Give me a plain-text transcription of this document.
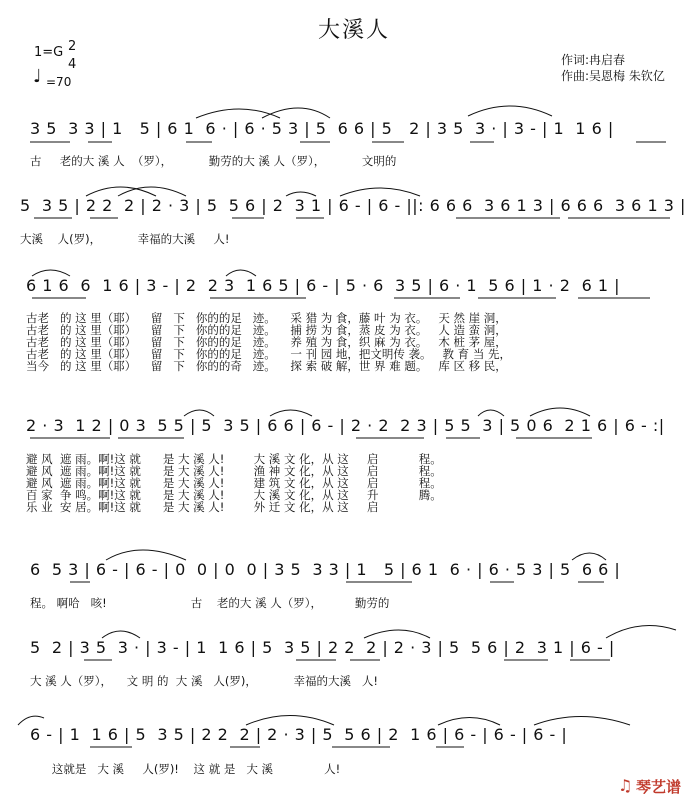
大溪人
1=G 2
4
♩ =70
作词:冉启春
作曲:吴恩梅 朱钦亿
3 5  3 3 | 1   5 | 6 1  6 · | 6 · 5 3 | 5  6 6 | 5   2 | 3 5  3 · | 3 - | 1  1 6 |
古     老的大 溪 人  （罗），          勤劳的大 溪 人（罗），          文明的
5  3 5 | 2 2  2 | 2 · 3 | 5  5 6 | 2  3 1 | 6 - | 6 - ||: 6 6 6  3 6 1 3 | 6 6 6  3 6 1 3 |
大溪    人(罗)，          幸福的大溪     人!
6 1 6  6  1 6 | 3 - | 2  2 3  1 6 5 | 6 - | 5 · 6  3 5 | 6 · 1  5 6 | 1 · 2  6 1 |
古老   的 这 里（耶）    留   下   你的的足   迹。    采 猎 为 食，藤 叶 为 衣。   天 然 崖 洞，
古老   的 这 里（耶）    留   下   你的的足   迹。    捕 捞 为 食，蒸 皮 为 衣。   人 造 蛮 洞，
古老   的 这 里（耶）    留   下   你的的足   迹。    养 殖 为 食，织 麻 为 衣。   木 桩 茅 屋，
古老   的 这 里（耶）    留   下   你的的足   迹。    一 刊 园 地，把文明传 袭。   教 育 当 先，
当今   的 这 里（耶）    留   下   你的的奇   迹。    探 索 破 解，世 界 难 题。   库 区 移 民，
2 · 3  1 2 | 0 3  5 5 | 5  3 5 | 6 6 | 6 - | 2 · 2  2 3 | 5 5  3 | 5 0 6  2 1 6 | 6 - :|
避 风  遮 雨。啊!这 就      是 大 溪 人!        大 溪 文 化，从 这     启           程。
避 风  遮 雨。啊!这 就      是 大 溪 人!        渔 神 文 化，从 这     启           程。
避 风  遮 雨。啊!这 就      是 大 溪 人!        建 筑 文 化，从 这     启           程。
百 家  争 鸣。啊!这 就      是 大 溪 人!        大 溪 文 化，从 这     升           腾。
乐 业  安 居。啊!这 就      是 大 溪 人!        外 迁 文 化，从 这     启
6  5 3 | 6 - | 6 - | 0  0 | 0  0 | 3 5  3 3 | 1   5 | 6 1  6 · | 6 · 5 3 | 5  6 6 |
程。 啊哈   咳!                       古    老的大 溪 人（罗），         勤劳的
5  2 | 3 5  3 · | 3 - | 1  1 6 | 5  3 5 | 2 2  2 | 2 · 3 | 5  5 6 | 2  3 1 | 6 - |
大 溪 人（罗），    文 明 的  大 溪   人(罗)，          幸福的大溪   人!
6 - | 1  1 6 | 5  3 5 | 2 2  2 | 2 · 3 | 5  5 6 | 2  1 6 | 6 - | 6 - | 6 - |
这就是   大 溪     人(罗)!    这 就 是   大 溪              人!
琴艺谱
♫
